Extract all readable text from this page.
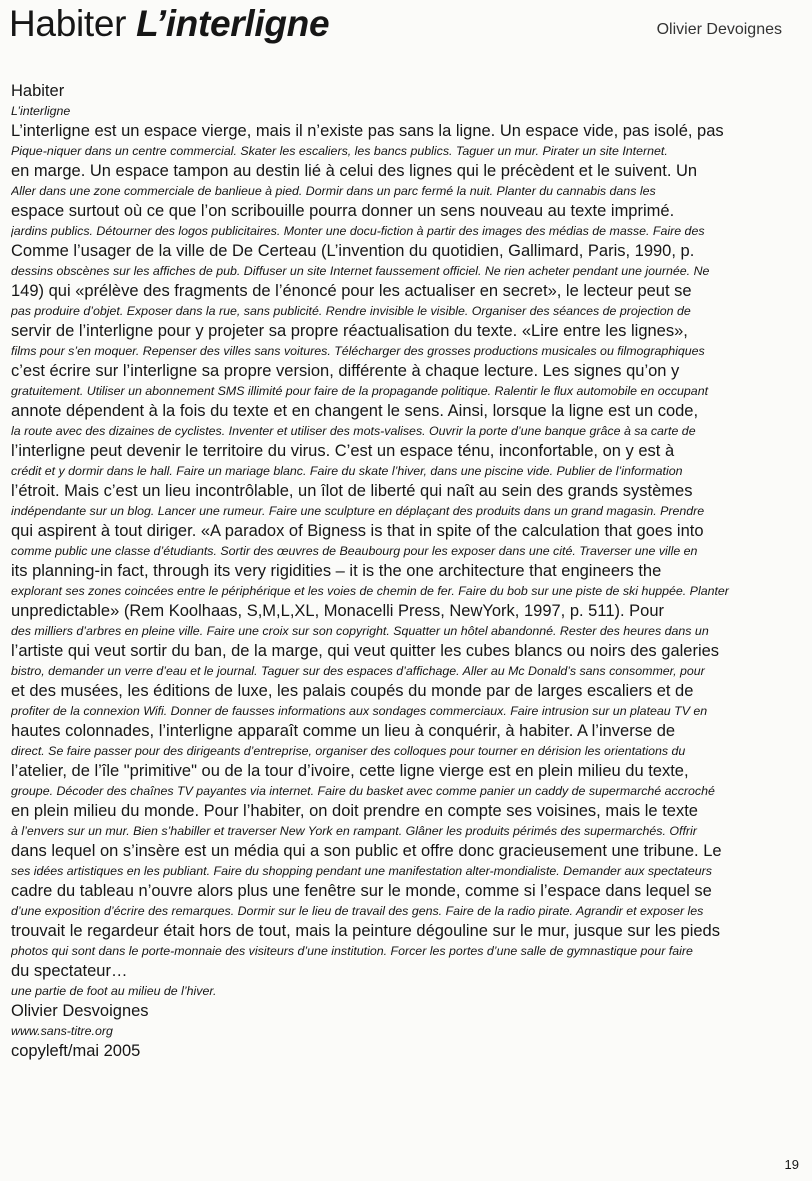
Habiter L’interligne	Olivier Devoignes
Habiter
L’interligne
L’interligne est un espace vierge, mais il n’existe pas sans la ligne. Un espace vide, pas isolé, pas
Pique-niquer dans un centre commercial. Skater les escaliers, les bancs publics. Taguer un mur. Pirater un site Internet.
en marge. Un espace tampon au destin lié à celui des lignes qui le précèdent et le suivent. Un
Aller dans une zone commerciale de banlieue à pied. Dormir dans un parc fermé la nuit. Planter du cannabis dans les
espace surtout où ce que l’on scribouille pourra donner un sens nouveau au texte imprimé.
jardins publics. Détourner des logos publicitaires. Monter une docu-fiction à partir des images des médias de masse. Faire des
Comme l’usager de la ville de De Certeau (L’invention du quotidien, Gallimard, Paris, 1990, p.
dessins obscènes sur les affiches de pub. Diffuser un site Internet faussement officiel. Ne rien acheter pendant une journée. Ne
149) qui «prélève des fragments de l’énoncé pour les actualiser en secret», le lecteur peut se
pas produire d’objet. Exposer dans la rue, sans publicité. Rendre invisible le visible. Organiser des séances de projection de
servir de l’interligne pour y projeter sa propre réactualisation du texte. «Lire entre les lignes»,
films pour s’en moquer. Repenser des villes sans voitures. Télécharger des grosses productions musicales ou filmographiques
c’est écrire sur l’interligne sa propre version, différente à chaque lecture. Les signes qu’on y
gratuitement. Utiliser un abonnement SMS illimité pour faire de la propagande politique. Ralentir le flux automobile en occupant
annote dépendent à la fois du texte et en changent le sens. Ainsi, lorsque la ligne est un code,
la route avec des dizaines de cyclistes. Inventer et utiliser des mots-valises. Ouvrir la porte d’une banque grâce à sa carte de
l’interligne peut devenir le territoire du virus. C’est un espace ténu, inconfortable, on y est à
crédit et y dormir dans le hall. Faire un mariage blanc. Faire du skate l’hiver, dans une piscine vide. Publier de l’information
l’étroit. Mais c’est un lieu incontrôlable, un îlot de liberté qui naît au sein des grands systèmes
indépendante sur un blog. Lancer une rumeur. Faire une sculpture en déplaçant des produits dans un grand magasin. Prendre
qui aspirent à tout diriger. «A paradox of Bigness is that in spite of the calculation that goes into
comme public une classe d’étudiants. Sortir des œuvres de Beaubourg pour les exposer dans une cité. Traverser une ville en
its planning-in fact, through its very rigidities – it is the one architecture that engineers the
explorant ses zones coincées entre le périphérique et les voies de chemin de fer. Faire du bob sur une piste de ski huppée. Planter
unpredictable» (Rem Koolhaas, S,M,L,XL, Monacelli Press, NewYork, 1997, p. 511). Pour
des milliers d’arbres en pleine ville. Faire une croix sur son copyright. Squatter un hôtel abandonné. Rester des heures dans un
l’artiste qui veut sortir du ban, de la marge, qui veut quitter les cubes blancs ou noirs des galeries
bistro, demander un verre d’eau et le journal. Taguer sur des espaces d’affichage. Aller au Mc Donald’s sans consommer, pour
et des musées, les éditions de luxe, les palais coupés du monde par de larges escaliers et de
profiter de la connexion Wifi. Donner de fausses informations aux sondages commerciaux. Faire intrusion sur un plateau TV en
hautes colonnades, l’interligne apparaît comme un lieu à conquérir, à habiter. A l’inverse de
direct. Se faire passer pour des dirigeants d’entreprise, organiser des colloques pour tourner en dérision les orientations du
l’atelier, de l’île "primitive" ou de la tour d’ivoire, cette ligne vierge est en plein milieu du texte,
groupe. Décoder des chaînes TV payantes via internet. Faire du basket avec comme panier un caddy de supermarché accroché
en plein milieu du monde. Pour l’habiter, on doit prendre en compte ses voisines, mais le texte
à l’envers sur un mur. Bien s’habiller et traverser New York en rampant. Glâner les produits périmés des supermarchés. Offrir
dans lequel on s’insère est un média qui a son public et offre donc gracieusement une tribune. Le
ses idées artistiques en les publiant. Faire du shopping pendant une manifestation alter-mondialiste. Demander aux spectateurs
cadre du tableau n’ouvre alors plus une fenêtre sur le monde, comme si l’espace dans lequel se
d’une exposition d’écrire des remarques. Dormir sur le lieu de travail des gens. Faire de la radio pirate. Agrandir et exposer les
trouvait le regardeur était hors de tout, mais la peinture dégouline sur le mur, jusque sur les pieds
photos qui sont dans le porte-monnaie des visiteurs d’une institution. Forcer les portes d’une salle de gymnastique pour faire
du spectateur…
une partie de foot au milieu de l’hiver.
Olivier Desvoignes
www.sans-titre.org
copyleft/mai 2005
19
